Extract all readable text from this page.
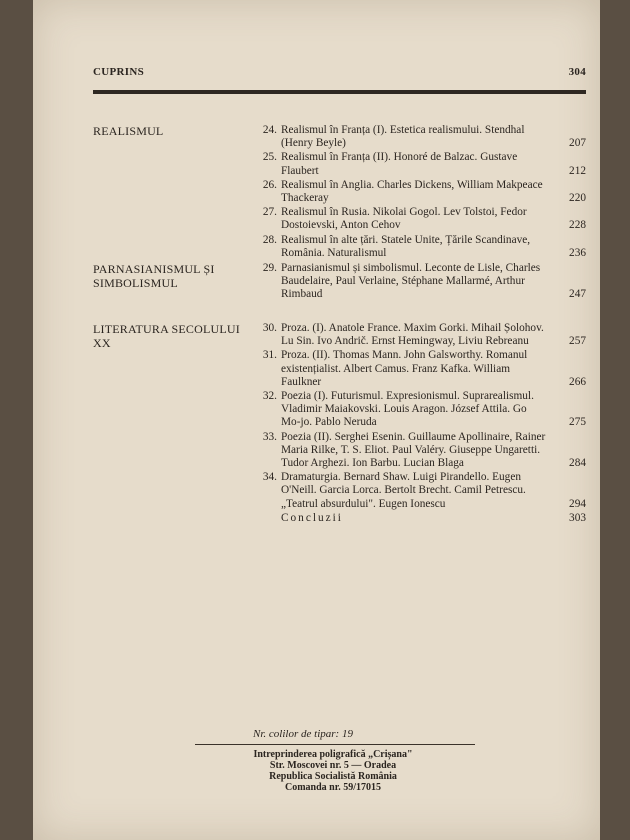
CUPRINS	304
REALISMUL	24. Realismul în Franța (I). Estetica realismului. Stendhal (Henry Beyle)	207
25. Realismul în Franța (II). Honoré de Balzac. Gustave Flaubert	212
26. Realismul în Anglia. Charles Dickens, William Makpeace Thackeray	220
27. Realismul în Rusia. Nikolai Gogol. Lev Tolstoi, Fedor Dostoievski, Anton Cehov	228
28. Realismul în alte țări. Statele Unite, Țările Scandinave, România. Naturalismul	236
PARNASIANISMUL ȘI SIMBOLISMUL
29. Parnasianismul și simbolismul. Leconte de Lisle, Charles Baudelaire, Paul Verlaine, Stéphane Mallarmé, Arthur Rimbaud	247
LITERATURA SECOLULUI XX
30. Proza. (I). Anatole France. Maxim Gorki. Mihail Șolohov. Lu Sin. Ivo Andrič. Ernst Hemingway, Liviu Rebreanu	257
31. Proza. (II). Thomas Mann. John Galsworthy. Romanul existențialist. Albert Camus. Franz Kafka. William Faulkner	266
32. Poezia (I). Futurismul. Expresionismul. Suprarealismul. Vladimir Maiakovski. Louis Aragon. József Attila. Go Mo-jo. Pablo Neruda	275
33. Poezia (II). Serghei Esenin. Guillaume Apollinaire, Rainer Maria Rilke, T. S. Eliot. Paul Valéry. Giuseppe Ungaretti. Tudor Arghezi. Ion Barbu. Lucian Blaga	284
34. Dramaturgia. Bernard Shaw. Luigi Pirandello. Eugen O'Neill. Garcia Lorca. Bertolt Brecht. Camil Petrescu. „Teatrul absurdului". Eugen Ionescu	294
Concluzii	303
Nr. colilor de tipar: 19
Intreprinderea poligrafică „Crișana"
Str. Moscovei nr. 5 — Oradea
Republica Socialistă România
Comanda nr. 59/17015
